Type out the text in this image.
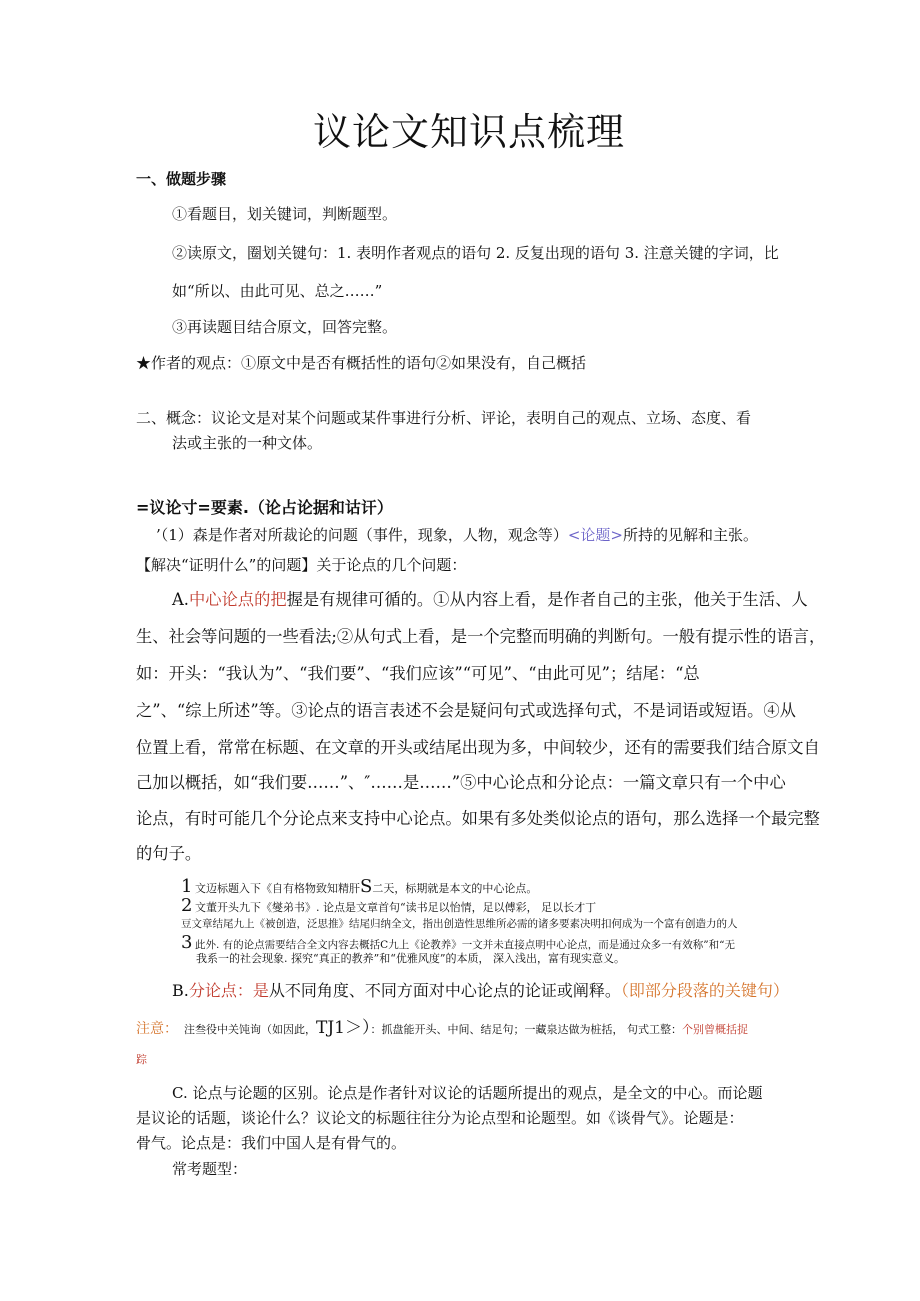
议论文知识点梳理
一、做题步骤
①看题目，划关键词，判断题型。
②读原文，圈划关键句：1. 表明作者观点的语句 2. 反复出现的语句 3. 注意关键的字词，比
如“所以、由此可见、总之……”
③再读题目结合原文，回答完整。
★作者的观点：①原文中是否有概括性的语句②如果没有，自己概括
二、概念：议论文是对某个问题或某件事进行分析、评论，表明自己的观点、立场、态度、看
法或主张的一种文体。
=议论寸=要素.（论占论据和诂讦）
’（1）森是作者对所裁论的问题（事件，现象，人物，观念等）<论题>所持的见解和主张。
【解决“证明什么”的问题】关于论点的几个问题：
A.中心论点的把握是有规律可循的。①从内容上看，是作者自己的主张，他关于生活、人
生、社会等问题的一些看法;②从句式上看，是一个完整而明确的判断句。一般有提示性的语言，
如：开头：“我认为”、“我们要”、“我们应该”“可见”、“由此可见”；结尾：“总
之”、“综上所述”等。③论点的语言表述不会是疑问句式或选择句式，不是词语或短语。④从
位置上看，常常在标题、在文章的开头或结尾出现为多，中间较少，还有的需要我们结合原文自
己加以概括，如“我们要……”、″……是……”⑤中心论点和分论点：一篇文章只有一个中心
论点，有时可能几个分论点来支持中心论点。如果有多处类似论点的语句，那么选择一个最完整
的句子。
1 文迈标题入下《自有格物致知精肝S二天，标期就是本文的中心论点。
2 文董开头九下《燮弟书》. 论点是文章首句“读书足以怡情，足以傅彩， 足以长才丁
豆文章结尾九上《被创造，泛思推》结尾归纳全文，指出创造性思维所必需的诸多要素决明扣何成为一个富有创造力的人
3 此外. 有的论点需要结合全文内容去概括C九上《论教养》一文并未直接点明中心论点，而是通过众多一有效称”和“无
我系一的社会现象. 探究“真正的教养”和“优雅风度”的本质， 深入浅出，富有现实意义。
B.分论点：是从不同角度、不同方面对中心论点的论证或阐释。（即部分段落的关键句）
注意： 注叁役中关饨询（如因此，TJ1＞）：抓盘能开头、中间、结足句；一藏泉达做为桩括， 句式工整：个别曾概括捉
踪
C. 论点与论题的区别。论点是作者针对议论的话题所提出的观点，是全文的中心。而论题
是议论的话题，谈论什么？议论文的标题往往分为论点型和论题型。如《谈骨气》。论题是：
骨气。论点是：我们中国人是有骨气的。
常考题型：
